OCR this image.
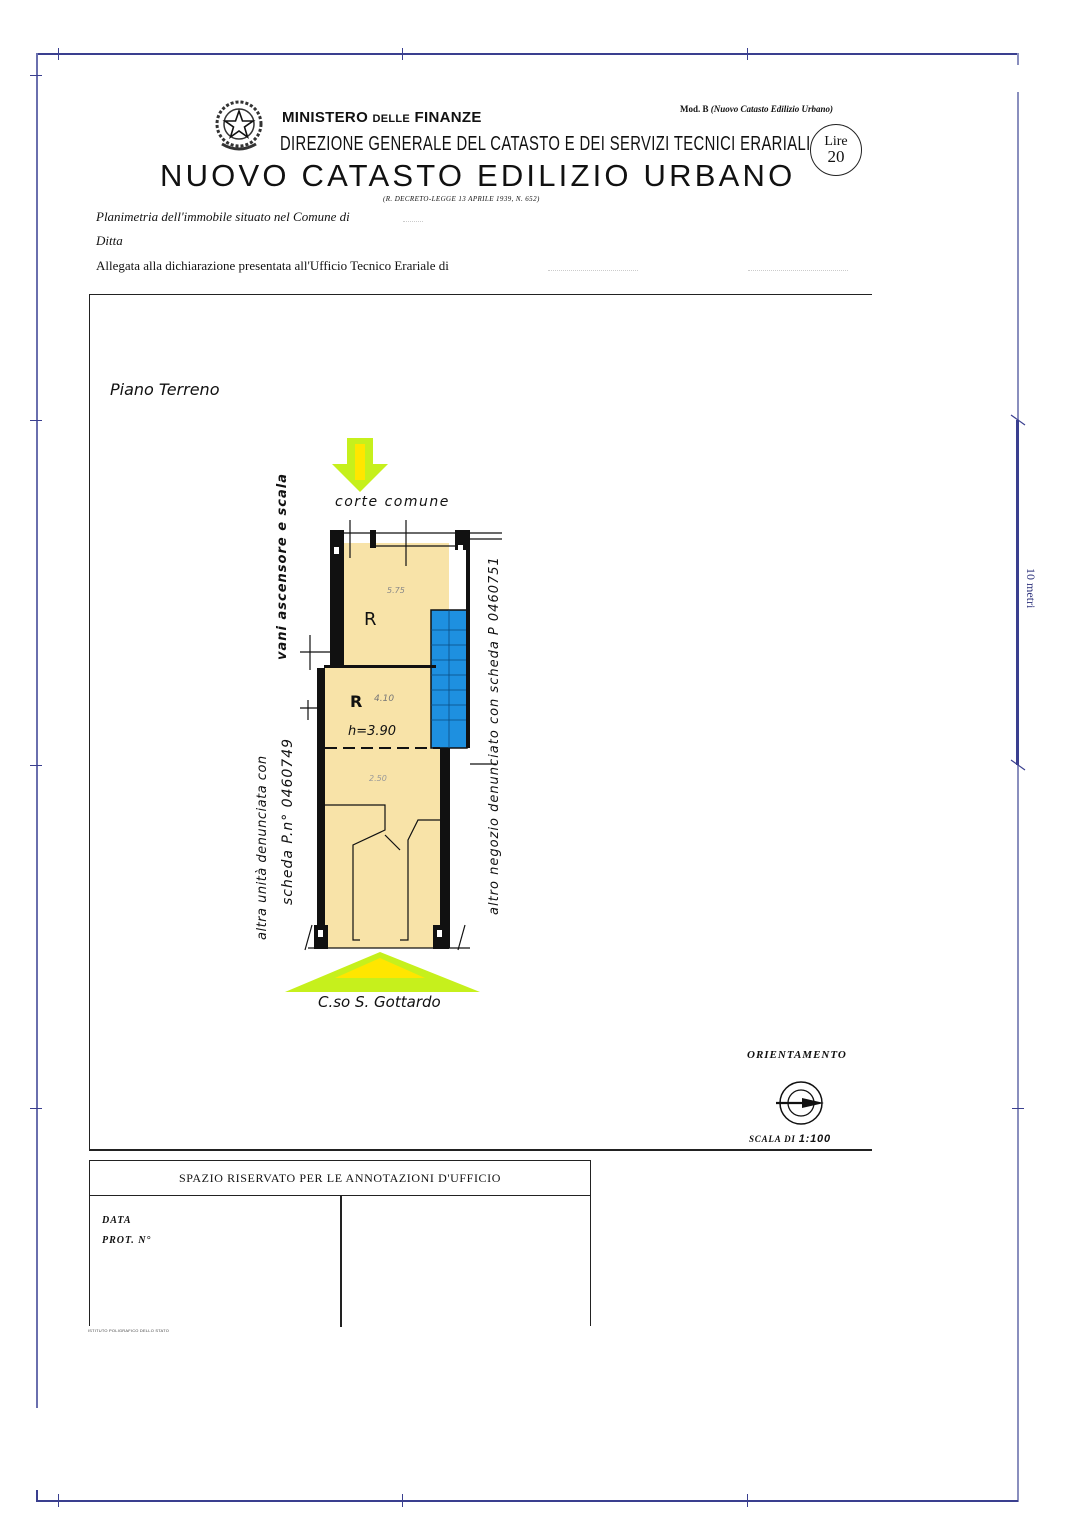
10 metri
MINISTERO DELLE FINANZE	Mod. B (Nuovo Catasto Edilizio Urbano)
DIREZIONE GENERALE DEL CATASTO E DEI SERVIZI TECNICI ERARIALI Lire
20
NUOVO CATASTO EDILIZIO URBANO
(R. DECRETO-LEGGE 13 APRILE 1939, N. 652)
Planimetria dell'immobile situato nel Comune di
Ditta
Allegata alla dichiarazione presentata all'Ufficio Tecnico Erariale di
Piano Terreno
corte comune
C.so S. Gottardo
R
5.75
R 4.10
h=3.90
2.50
vani ascensore e scala
altra unità denunciata con scheda P.n° 0460749	altro negozio denunciato con scheda P 0460751
ORIENTAMENTO
SCALA DI 1:100
SPAZIO RISERVATO PER LE ANNOTAZIONI D'UFFICIO
DATA
PROT. N°
ISTITUTO POLIGRAFICO DELLO STATO
